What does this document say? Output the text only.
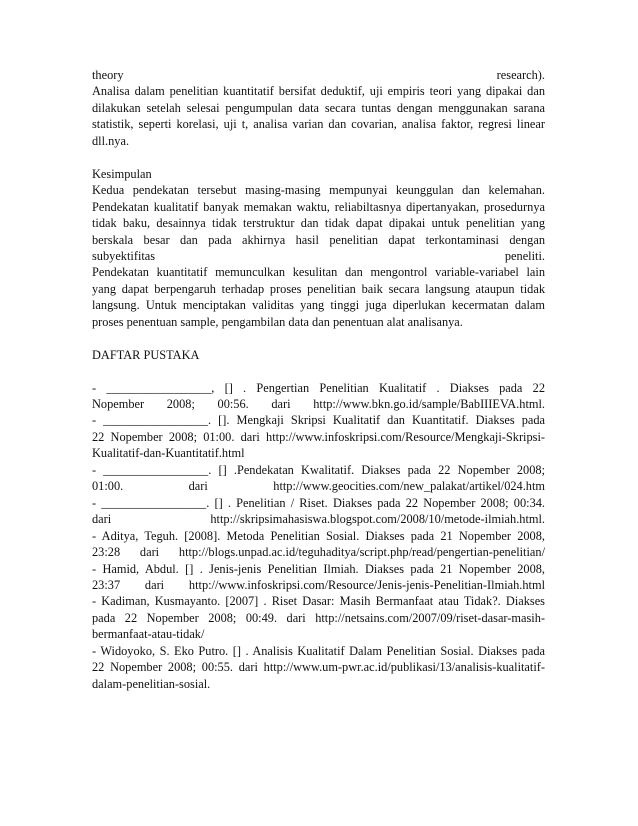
theory research).

Analisa dalam penelitian kuantitatif bersifat deduktif, uji empiris teori yang dipakai dan

dilakukan setelah selesai pengumpulan data secara tuntas dengan menggunakan sarana

statistik, seperti korelasi, uji t, analisa varian dan covarian, analisa faktor, regresi linear

dll.nya.

Kesimpulan

Kedua pendekatan tersebut masing-masing mempunyai keunggulan dan kelemahan.

Pendekatan kualitatif banyak memakan waktu, reliabiltasnya dipertanyakan, prosedurnya

tidak baku, desainnya tidak terstruktur dan tidak dapat dipakai untuk penelitian yang

berskala besar dan pada akhirnya hasil penelitian dapat terkontaminasi dengan

subyektifitas peneliti.

Pendekatan kuantitatif memunculkan kesulitan dan mengontrol variable-variabel lain

yang dapat berpengaruh terhadap proses penelitian baik secara langsung ataupun tidak

langsung. Untuk menciptakan validitas yang tinggi juga diperlukan kecermatan dalam

proses penentuan sample, pengambilan data dan penentuan alat analisanya.

DAFTAR PUSTAKA

- _________________, [] . Pengertian Penelitian Kualitatif . Diakses pada 22

Nopember 2008; 00:56. dari http://www.bkn.go.id/sample/BabIIIEVA.html.

- _________________. []. Mengkaji Skripsi Kualitatif dan Kuantitatif. Diakses pada

22 Nopember 2008; 01:00. dari http://www.infoskripsi.com/Resource/Mengkaji-Skripsi-

Kualitatif-dan-Kuantitatif.html

- _________________. [] .Pendekatan Kwalitatif. Diakses pada 22 Nopember 2008;

01:00. dari http://www.geocities.com/new_palakat/artikel/024.htm

- _________________. [] . Penelitian / Riset. Diakses pada 22 Nopember 2008; 00:34.

dari http://skripsimahasiswa.blogspot.com/2008/10/metode-ilmiah.html.

- Aditya, Teguh. [2008]. Metoda Penelitian Sosial. Diakses pada 21 Nopember 2008,

23:28 dari http://blogs.unpad.ac.id/teguhaditya/script.php/read/pengertian-penelitian/

- Hamid, Abdul. [] . Jenis-jenis Penelitian Ilmiah. Diakses pada 21 Nopember 2008,

23:37 dari http://www.infoskripsi.com/Resource/Jenis-jenis-Penelitian-Ilmiah.html

- Kadiman, Kusmayanto. [2007] . Riset Dasar: Masih Bermanfaat atau Tidak?. Diakses

pada 22 Nopember 2008; 00:49. dari http://netsains.com/2007/09/riset-dasar-masih-

bermanfaat-atau-tidak/

- Widoyoko, S. Eko Putro. [] . Analisis Kualitatif Dalam Penelitian Sosial. Diakses pada

22 Nopember 2008; 00:55. dari http://www.um-pwr.ac.id/publikasi/13/analisis-kualitatif-

dalam-penelitian-sosial.
